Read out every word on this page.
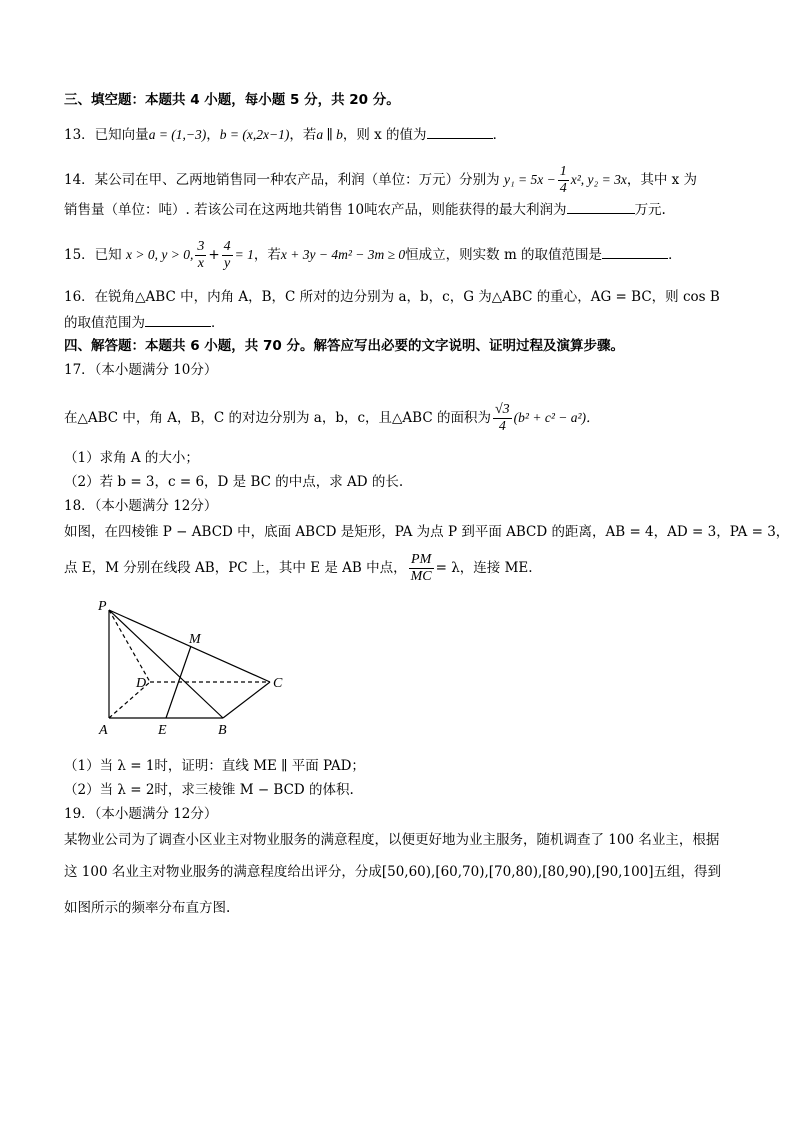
三、填空题：本题共 4 小题，每小题 5 分，共 20 分。
13．已知向量a = (1,−3)，b = (x,2x−1)，若a ∥ b，则 x 的值为	．
14．某公司在甲、乙两地销售同一种农产品，利润（单位：万元）分别为 $y_1 = 5x - \frac{1}{4} x^2$, y₂ = 3x，其中 x 为
销售量（单位：吨）. 若该公司在这两地共销售 10吨农产品，则能获得的最大利润为	万元.
15．已知 x > 0, y > 0, $\frac{3}{x} + \frac{4}{y} = 1$，若x + 3y − 4m² − 3m ≥ 0恒成立，则实数 m 的取值范围是	．
16．在锐角△ABC 中，内角 A，B，C 所对的边分别为 a，b，c，G 为△ABC 的重心，AG = BC，则 cos B
的取值范围为	．
四、解答题：本题共 6 小题，共 70 分。解答应写出必要的文字说明、证明过程及演算步骤。
17．（本小题满分 10分）
在△ABC 中，角 A，B，C 的对边分别为 a，b，c，且△ABC 的面积为 $\frac{√3}{4} (b^2 + c^2 - a^2)$．
（1）求角 A 的大小；
（2）若 b = 3，c = 6，D 是 BC 的中点，求 AD 的长.
18．（本小题满分 12分）
如图，在四棱锥 P − ABCD 中，底面 ABCD 是矩形，PA 为点 P 到平面 ABCD 的距离，AB = 4，AD = 3，PA = 3，
点 E，M 分别在线段 AB，PC 上，其中 E 是 AB 中点， $\frac{PM}{MC} = \lambda$，连接 ME.
P
M
D	C
A	E	B
（1）当 λ = 1时，证明：直线 ME ∥ 平面 PAD；
（2）当 λ = 2时，求三棱锥 M − BCD 的体积.
19．（本小题满分 12分）
某物业公司为了调查小区业主对物业服务的满意程度，以便更好地为业主服务，随机调查了 100 名业主，根据
这 100 名业主对物业服务的满意程度给出评分，分成[50,60),[60,70),[70,80),[80,90),[90,100]五组，得到
如图所示的频率分布直方图.
